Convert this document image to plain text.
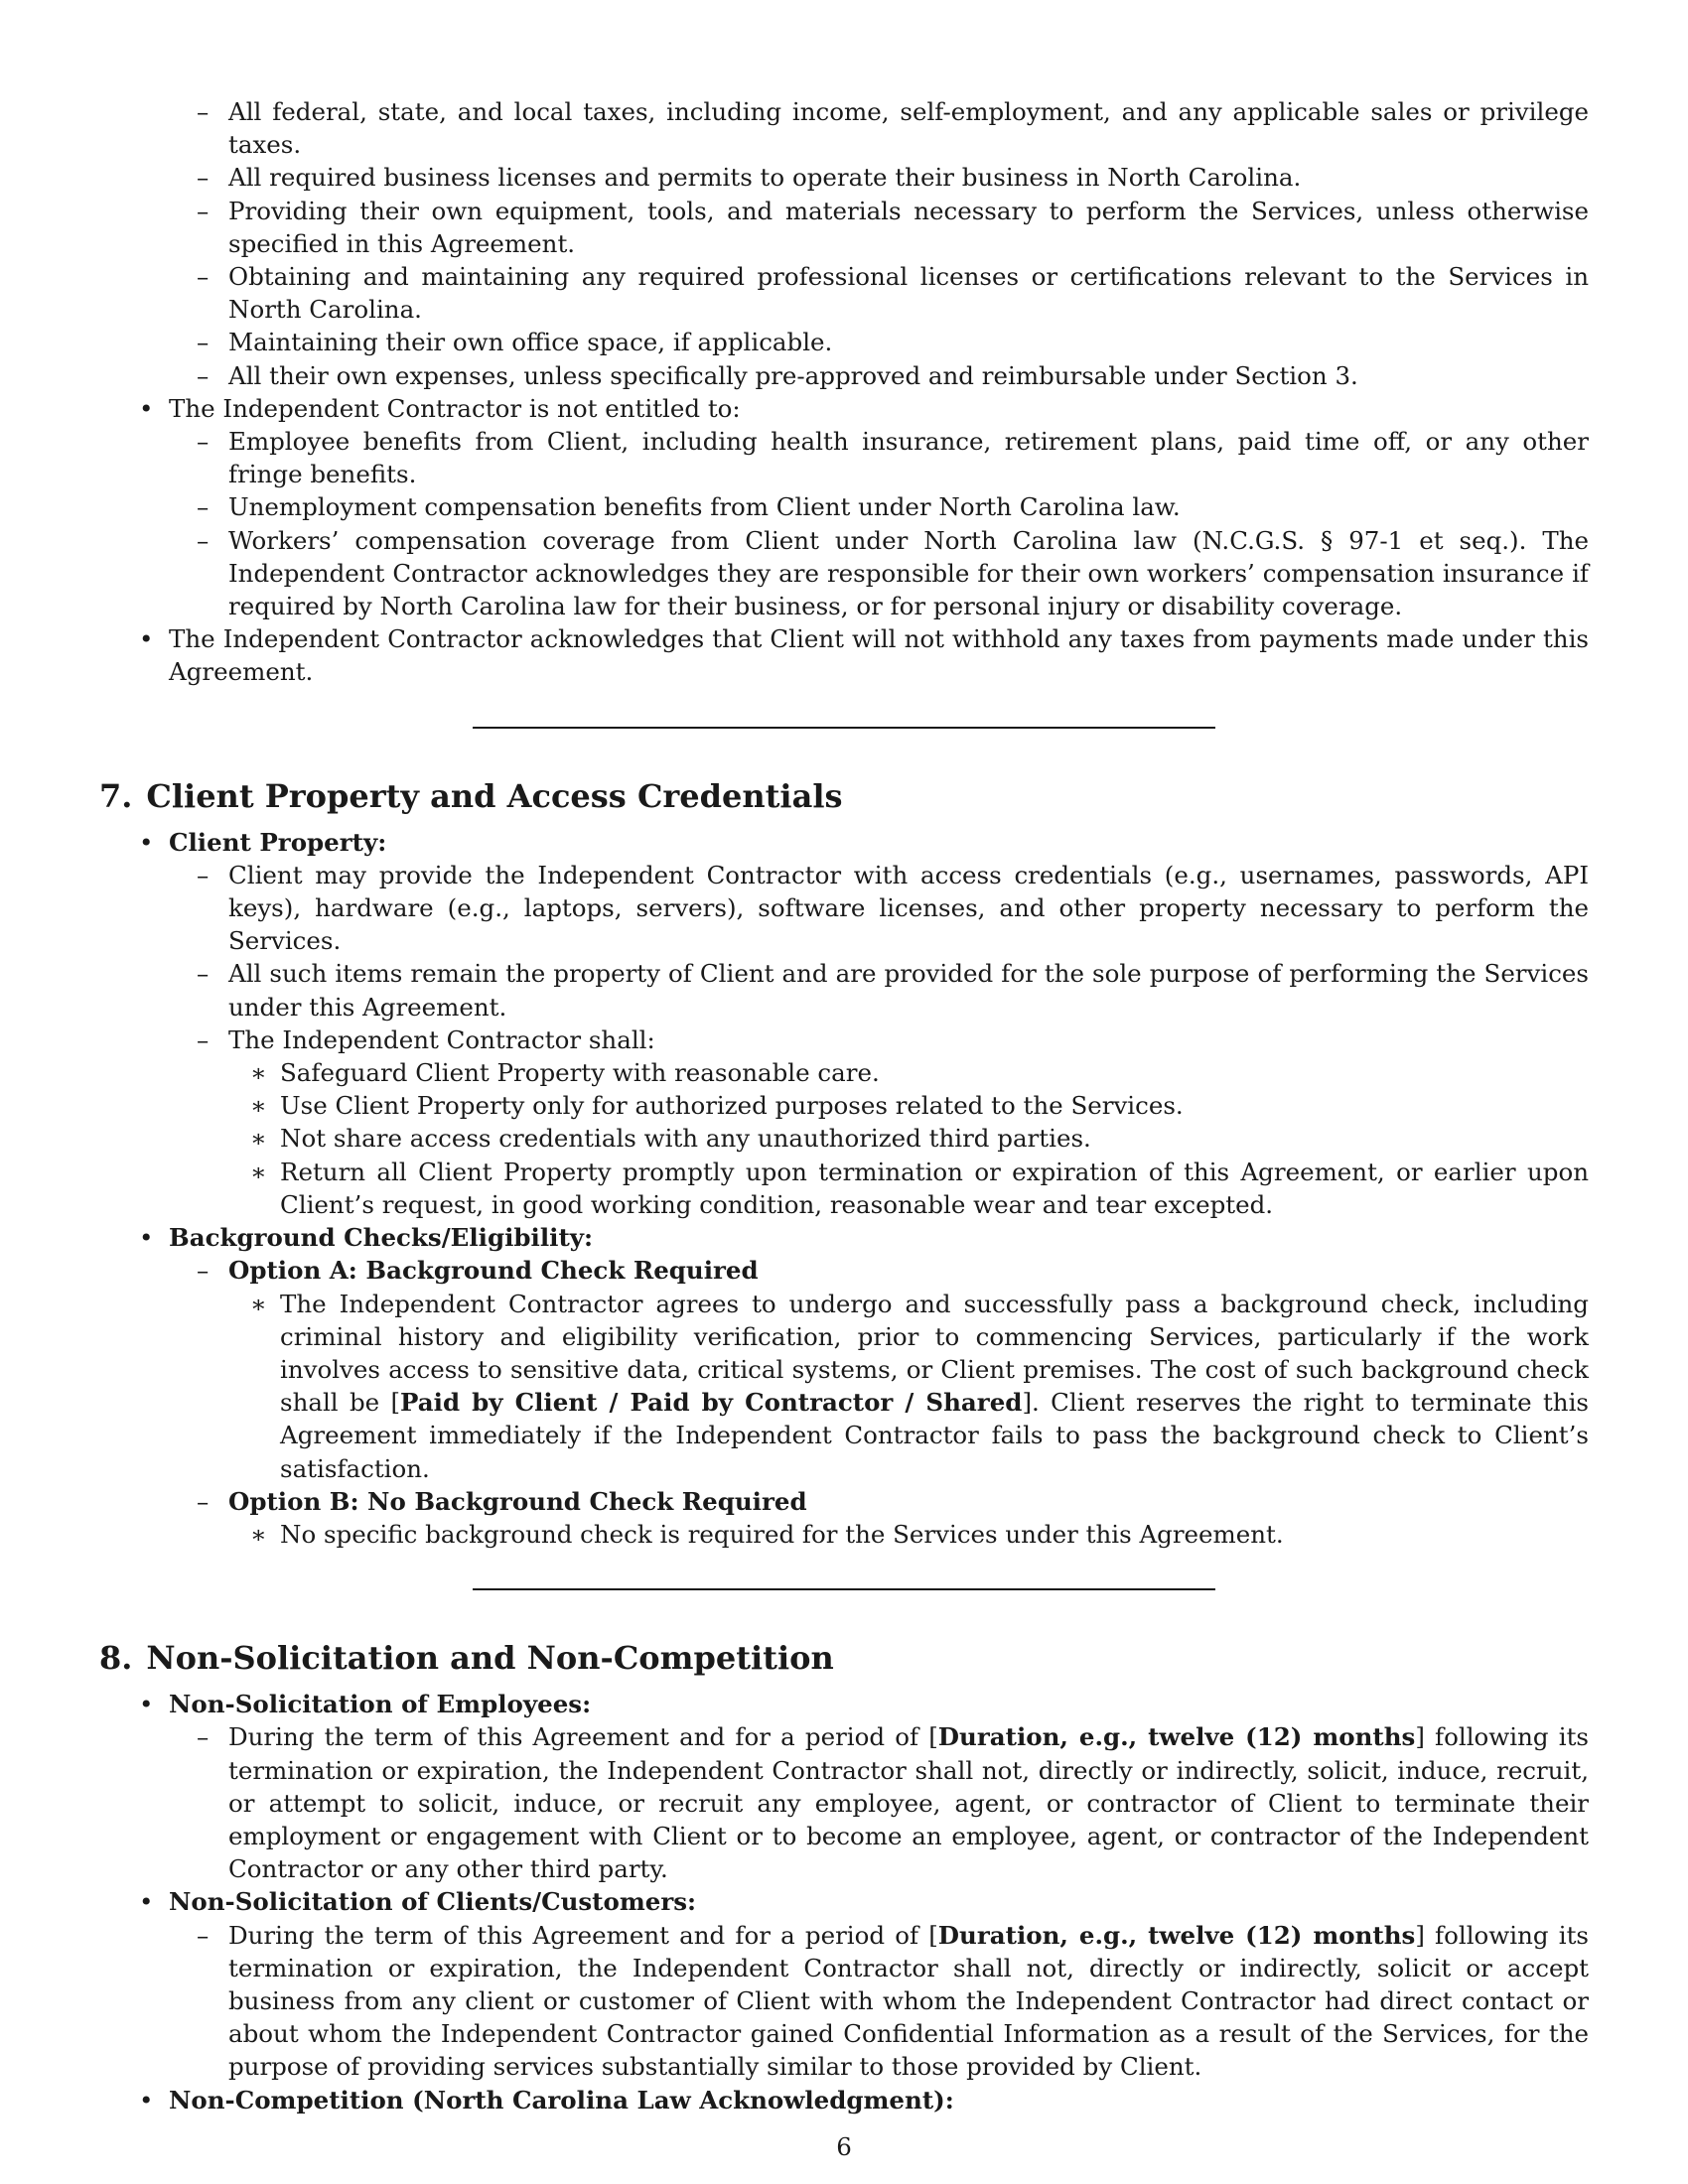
– All federal, state, and local taxes, including income, self-employment, and any applicable sales or privilege taxes.
– All required business licenses and permits to operate their business in North Carolina.
– Providing their own equipment, tools, and materials necessary to perform the Services, unless otherwise specified in this Agreement.
– Obtaining and maintaining any required professional licenses or certifications relevant to the Services in North Carolina.
– Maintaining their own office space, if applicable.
– All their own expenses, unless specifically pre-approved and reimbursable under Section 3.
• The Independent Contractor is not entitled to:
– Employee benefits from Client, including health insurance, retirement plans, paid time off, or any other fringe benefits.
– Unemployment compensation benefits from Client under North Carolina law.
– Workers’ compensation coverage from Client under North Carolina law (N.C.G.S. § 97-1 et seq.). The Independent Contractor acknowledges they are responsible for their own workers’ compensation insurance if required by North Carolina law for their business, or for personal injury or disability coverage.
• The Independent Contractor acknowledges that Client will not withhold any taxes from payments made under this Agreement.
7. Client Property and Access Credentials
• Client Property:
– Client may provide the Independent Contractor with access credentials (e.g., usernames, passwords, API keys), hardware (e.g., laptops, servers), software licenses, and other property necessary to perform the Services.
– All such items remain the property of Client and are provided for the sole purpose of performing the Services under this Agreement.
– The Independent Contractor shall:
∗ Safeguard Client Property with reasonable care.
∗ Use Client Property only for authorized purposes related to the Services.
∗ Not share access credentials with any unauthorized third parties.
∗ Return all Client Property promptly upon termination or expiration of this Agreement, or earlier upon Client’s request, in good working condition, reasonable wear and tear excepted.
• Background Checks/Eligibility:
– Option A: Background Check Required
∗ The Independent Contractor agrees to undergo and successfully pass a background check, including criminal history and eligibility verification, prior to commencing Services, particularly if the work involves access to sensitive data, critical systems, or Client premises. The cost of such background check shall be [Paid by Client / Paid by Contractor / Shared]. Client reserves the right to terminate this Agreement immediately if the Independent Contractor fails to pass the background check to Client’s satisfaction.
– Option B: No Background Check Required
∗ No specific background check is required for the Services under this Agreement.
8. Non-Solicitation and Non-Competition
• Non-Solicitation of Employees:
– During the term of this Agreement and for a period of [Duration, e.g., twelve (12) months] following its termination or expiration, the Independent Contractor shall not, directly or indirectly, solicit, induce, recruit, or attempt to solicit, induce, or recruit any employee, agent, or contractor of Client to terminate their employment or engagement with Client or to become an employee, agent, or contractor of the Independent Contractor or any other third party.
• Non-Solicitation of Clients/Customers:
– During the term of this Agreement and for a period of [Duration, e.g., twelve (12) months] following its termination or expiration, the Independent Contractor shall not, directly or indirectly, solicit or accept business from any client or customer of Client with whom the Independent Contractor had direct contact or about whom the Independent Contractor gained Confidential Information as a result of the Services, for the purpose of providing services substantially similar to those provided by Client.
• Non-Competition (North Carolina Law Acknowledgment):
6
